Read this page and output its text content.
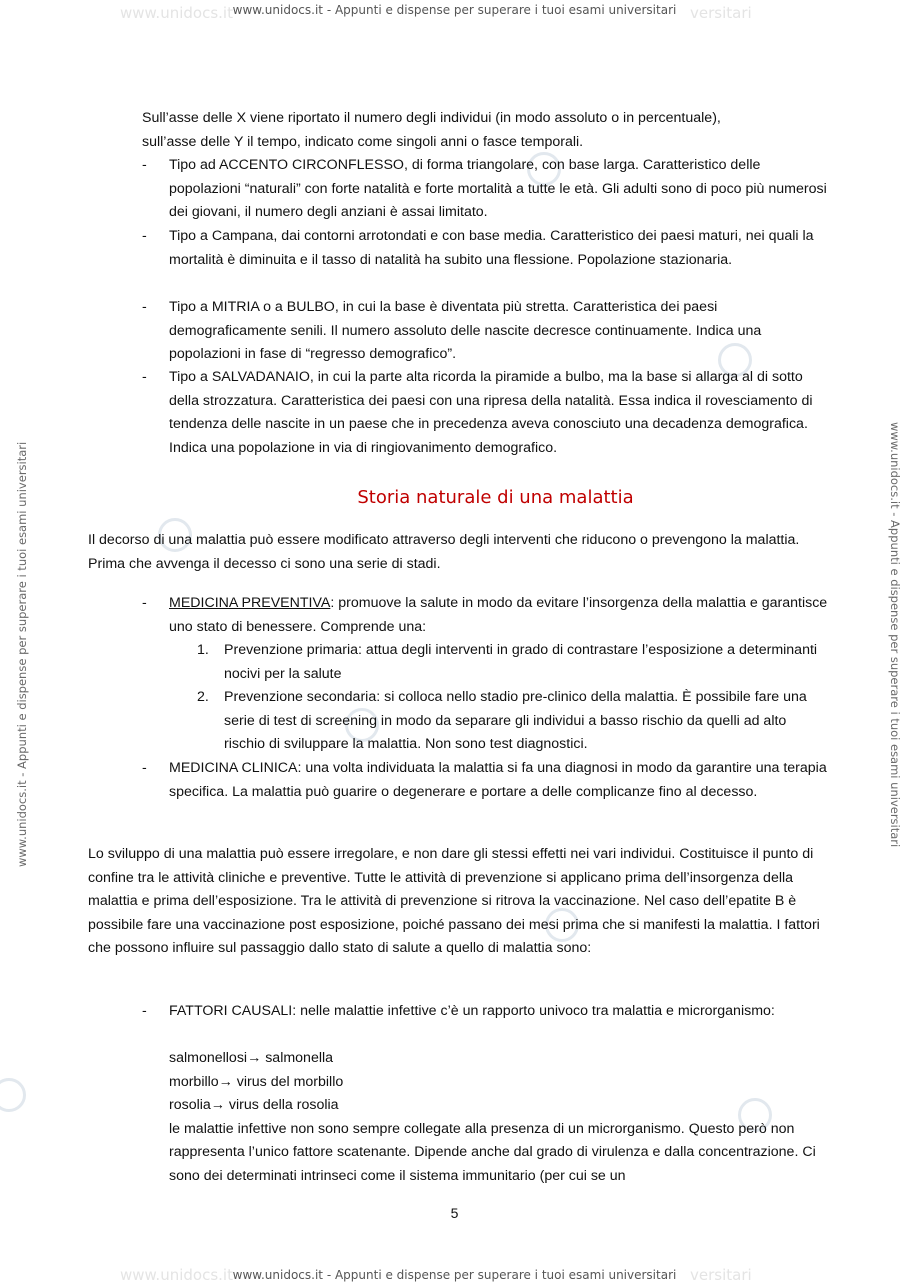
www.unidocs.it	versitari
www.unidocs.it	versitari
www.unidocs.it - Appunti e dispense per superare i tuoi esami universitari
www.unidocs.it - Appunti e dispense per superare i tuoi esami universitari
www.unidocs.it - Appunti e dispense per superare i tuoi esami universitari	www.unidocs.it - Appunti e dispense per superare i tuoi esami universitari

Sull’asse delle X viene riportato il numero degli individui (in modo assoluto o in percentuale),

sull’asse delle Y il tempo, indicato come singoli anni o fasce temporali.

-	Tipo ad ACCENTO CIRCONFLESSO, di forma triangolare, con base larga. Caratteristico delle popolazioni “naturali” con forte natalità e forte mortalità a tutte le età. Gli adulti sono di poco più numerosi dei giovani, il numero degli anziani è assai limitato.

-	Tipo a Campana, dai contorni arrotondati e con base media. Caratteristico dei paesi maturi, nei quali la mortalità è diminuita e il tasso di natalità ha subito una flessione. Popolazione stazionaria.

-	Tipo a MITRIA o a BULBO, in cui la base è diventata più stretta. Caratteristica dei paesi demograficamente senili. Il numero assoluto delle nascite decresce continuamente. Indica una popolazioni in fase di “regresso demografico”.

-	Tipo a SALVADANAIO, in cui la parte alta ricorda la piramide a bulbo, ma la base si allarga al di sotto della strozzatura. Caratteristica dei paesi con una ripresa della natalità. Essa indica il rovesciamento di tendenza delle nascite in un paese che in precedenza aveva conosciuto una decadenza demografica. Indica una popolazione in via di ringiovanimento demografico.

Storia naturale di una malattia

Il decorso di una malattia può essere modificato attraverso degli interventi che riducono o prevengono la malattia. Prima che avvenga il decesso ci sono una serie di stadi.

-	MEDICINA PREVENTIVA: promuove la salute in modo da evitare l’insorgenza della malattia e garantisce uno stato di benessere. Comprende una:

1. Prevenzione primaria: attua degli interventi in grado di contrastare l’esposizione a determinanti nocivi per la salute

2. Prevenzione secondaria: si colloca nello stadio pre-clinico della malattia. È possibile fare una serie di test di screening in modo da separare gli individui a basso rischio da quelli ad alto rischio di sviluppare la malattia. Non sono test diagnostici.

-	MEDICINA CLINICA: una volta individuata la malattia si fa una diagnosi in modo da garantire una terapia specifica. La malattia può guarire o degenerare e portare a delle complicanze fino al decesso.

Lo sviluppo di una malattia può essere irregolare, e non dare gli stessi effetti nei vari individui. Costituisce il punto di confine tra le attività cliniche e preventive. Tutte le attività di prevenzione si applicano prima dell’insorgenza della malattia e prima dell’esposizione. Tra le attività di prevenzione si ritrova la vaccinazione. Nel caso dell’epatite B è possibile fare una vaccinazione post esposizione, poiché passano dei mesi prima che si manifesti la malattia. I fattori che possono influire sul passaggio dallo stato di salute a quello di malattia sono:

-	FATTORI CAUSALI: nelle malattie infettive c’è un rapporto univoco tra malattia e microrganismo:

salmonellosi→ salmonella

morbillo→ virus del morbillo

rosolia→ virus della rosolia

le malattie infettive non sono sempre collegate alla presenza di un microrganismo. Questo però non rappresenta l’unico fattore scatenante. Dipende anche dal grado di virulenza e dalla concentrazione. Ci sono dei determinati intrinseci come il sistema immunitario (per cui se un

5
